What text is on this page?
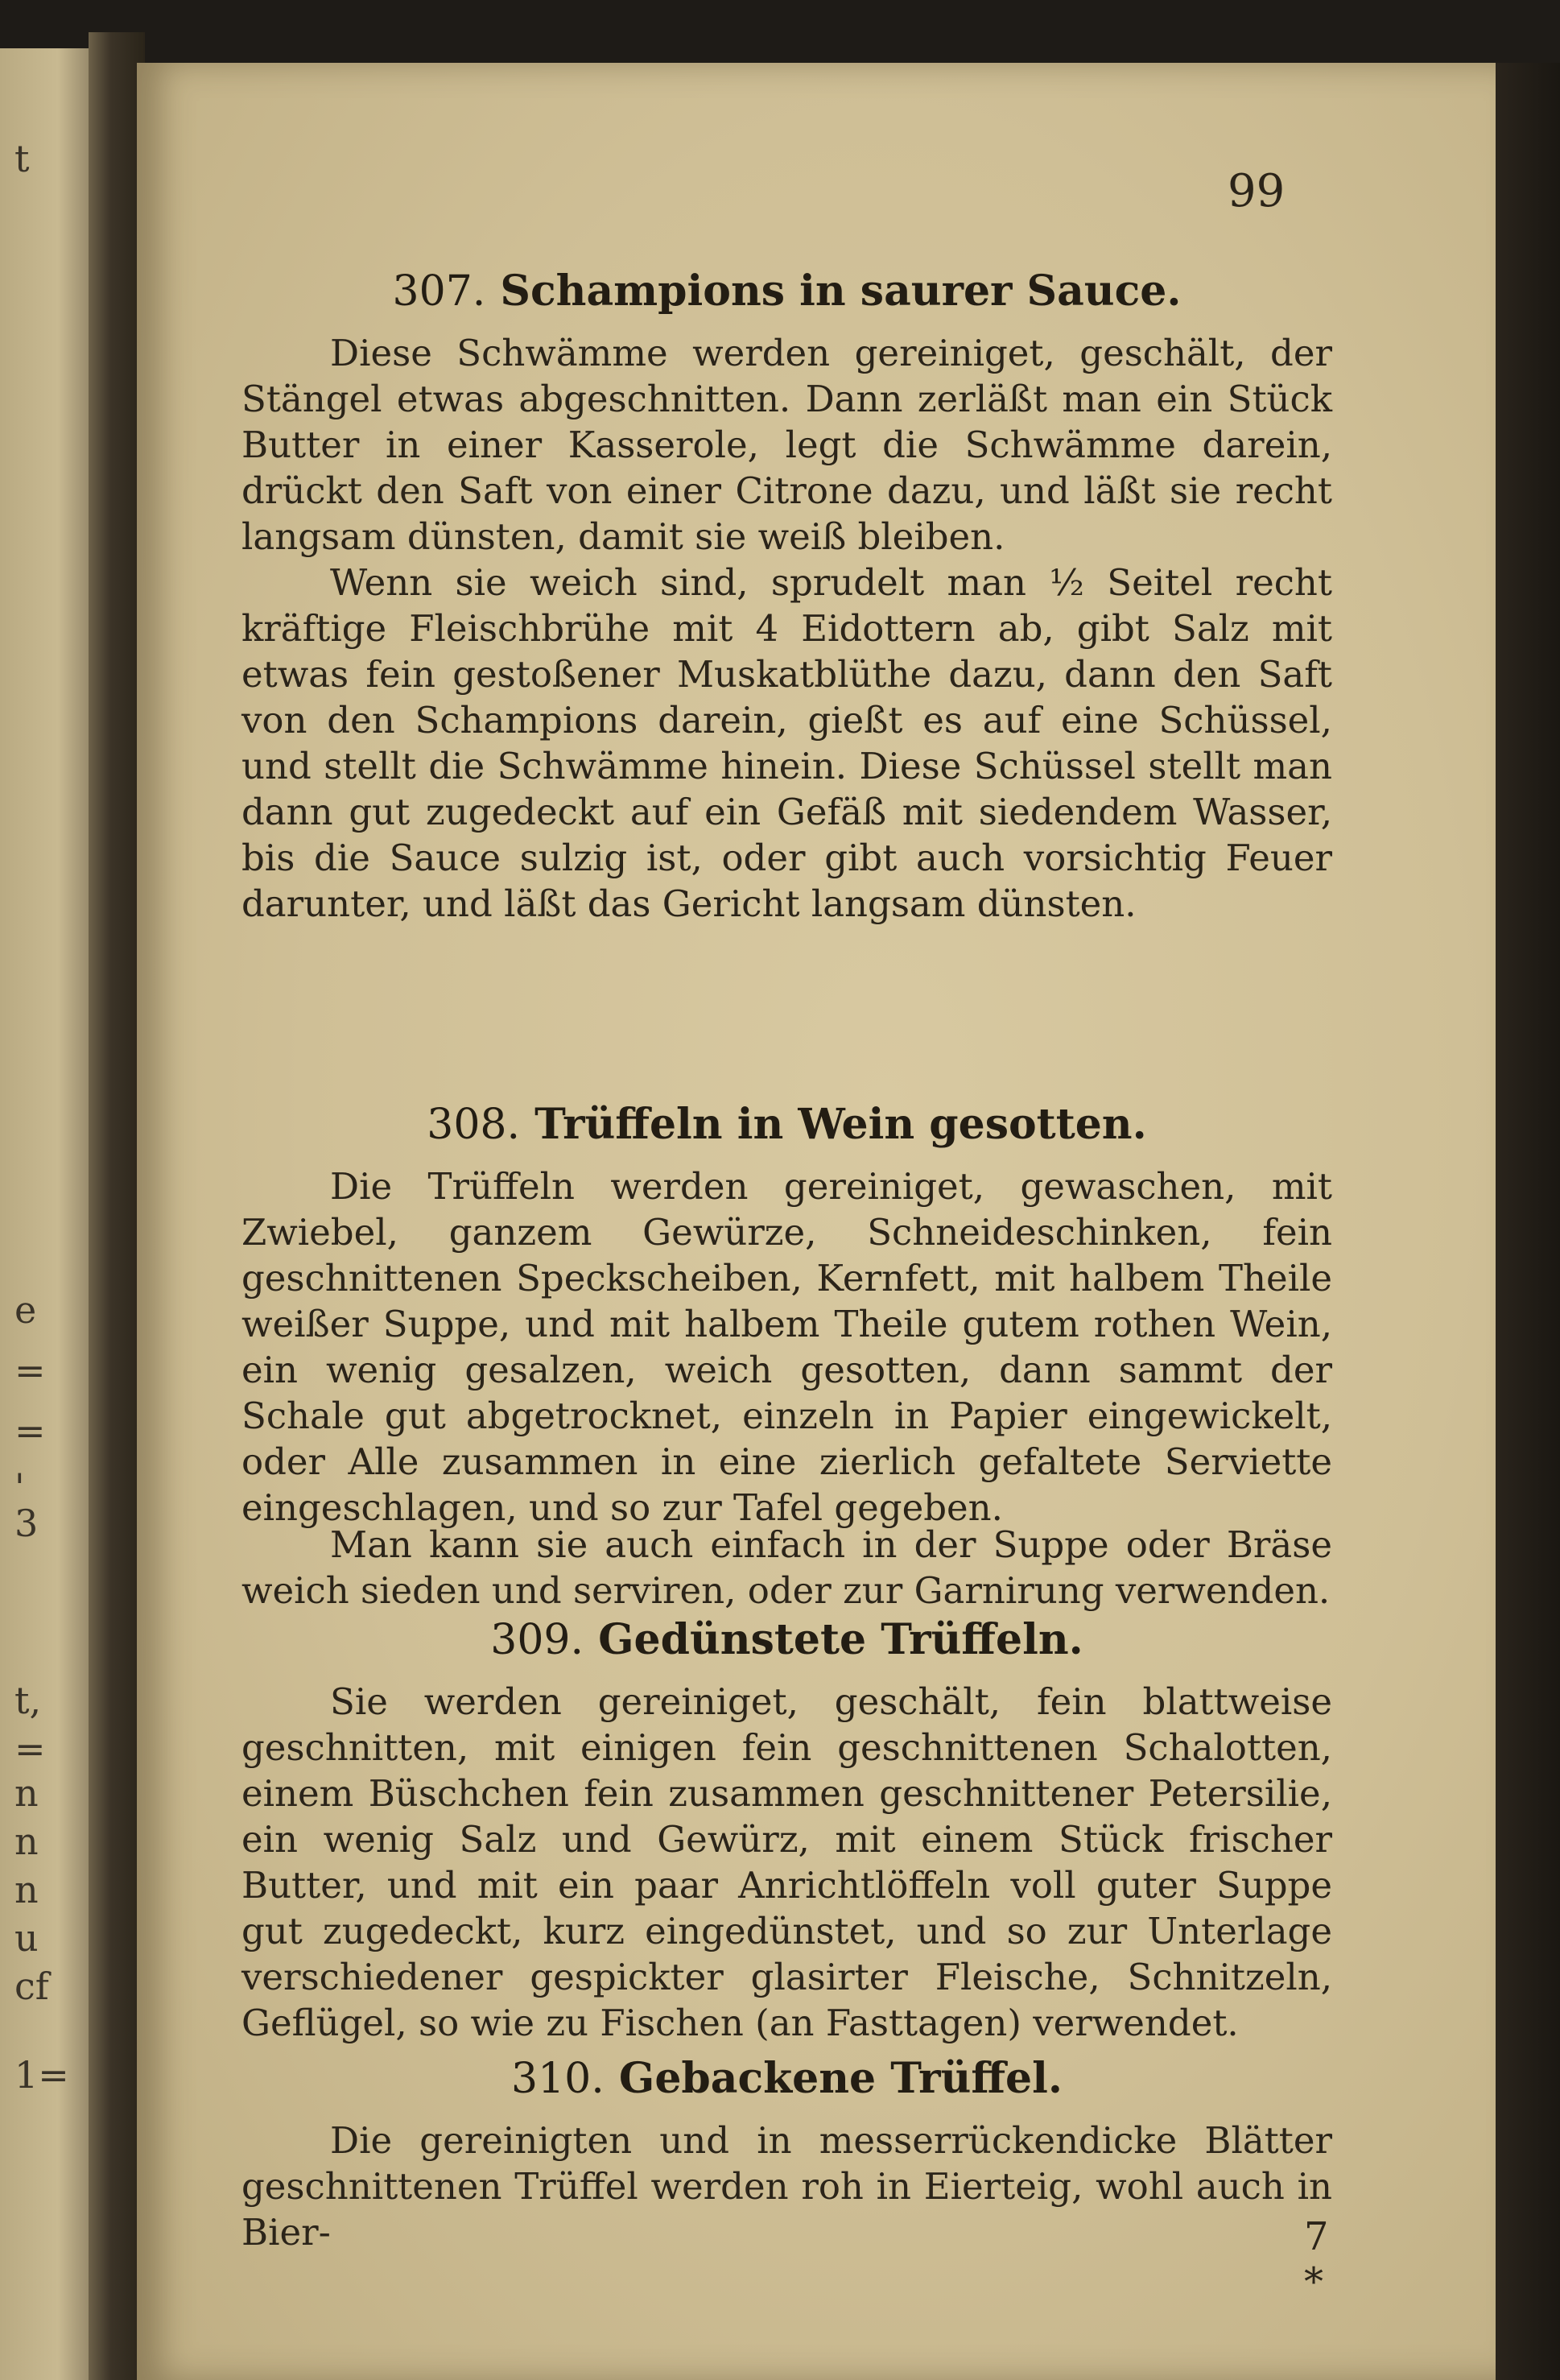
t
e
=
=
'
3
t,
=
n
n
n
u
cf
1=
99
307. Schampions in saurer Sauce.

Diese Schwämme werden gereiniget, geschält, der Stängel etwas abgeschnitten. Dann zerläßt man ein Stück Butter in einer Kasserole, legt die Schwämme darein, drückt den Saft von einer Citrone dazu, und läßt sie recht langsam dünsten, damit sie weiß bleiben.

Wenn sie weich sind, sprudelt man ½ Seitel recht kräftige Fleischbrühe mit 4 Eidottern ab, gibt Salz mit etwas fein gestoßener Muskatblüthe dazu, dann den Saft von den Schampions darein, gießt es auf eine Schüssel, und stellt die Schwämme hinein. Diese Schüssel stellt man dann gut zugedeckt auf ein Gefäß mit siedendem Wasser, bis die Sauce sulzig ist, oder gibt auch vorsichtig Feuer darunter, und läßt das Gericht langsam dünsten.

308. Trüffeln in Wein gesotten.

Die Trüffeln werden gereiniget, gewaschen, mit Zwiebel, ganzem Gewürze, Schneideschinken, fein geschnittenen Speckscheiben, Kernfett, mit halbem Theile weißer Suppe, und mit halbem Theile gutem rothen Wein, ein wenig gesalzen, weich gesotten, dann sammt der Schale gut abgetrocknet, einzeln in Papier eingewickelt, oder Alle zusammen in eine zierlich gefaltete Serviette eingeschlagen, und so zur Tafel gegeben.

Man kann sie auch einfach in der Suppe oder Bräse weich sieden und serviren, oder zur Garnirung verwenden.

309. Gedünstete Trüffeln.

Sie werden gereiniget, geschält, fein blattweise geschnitten, mit einigen fein geschnittenen Schalotten, einem Büschchen fein zusammen geschnittener Petersilie, ein wenig Salz und Gewürz, mit einem Stück frischer Butter, und mit ein paar Anrichtlöffeln voll guter Suppe gut zugedeckt, kurz eingedünstet, und so zur Unterlage verschiedener gespickter glasirter Fleische, Schnitzeln, Geflügel, so wie zu Fischen (an Fasttagen) verwendet.

310. Gebackene Trüffel.

Die gereinigten und in messerrückendicke Blätter geschnittenen Trüffel werden roh in Eierteig, wohl auch in Bier-	7 *
